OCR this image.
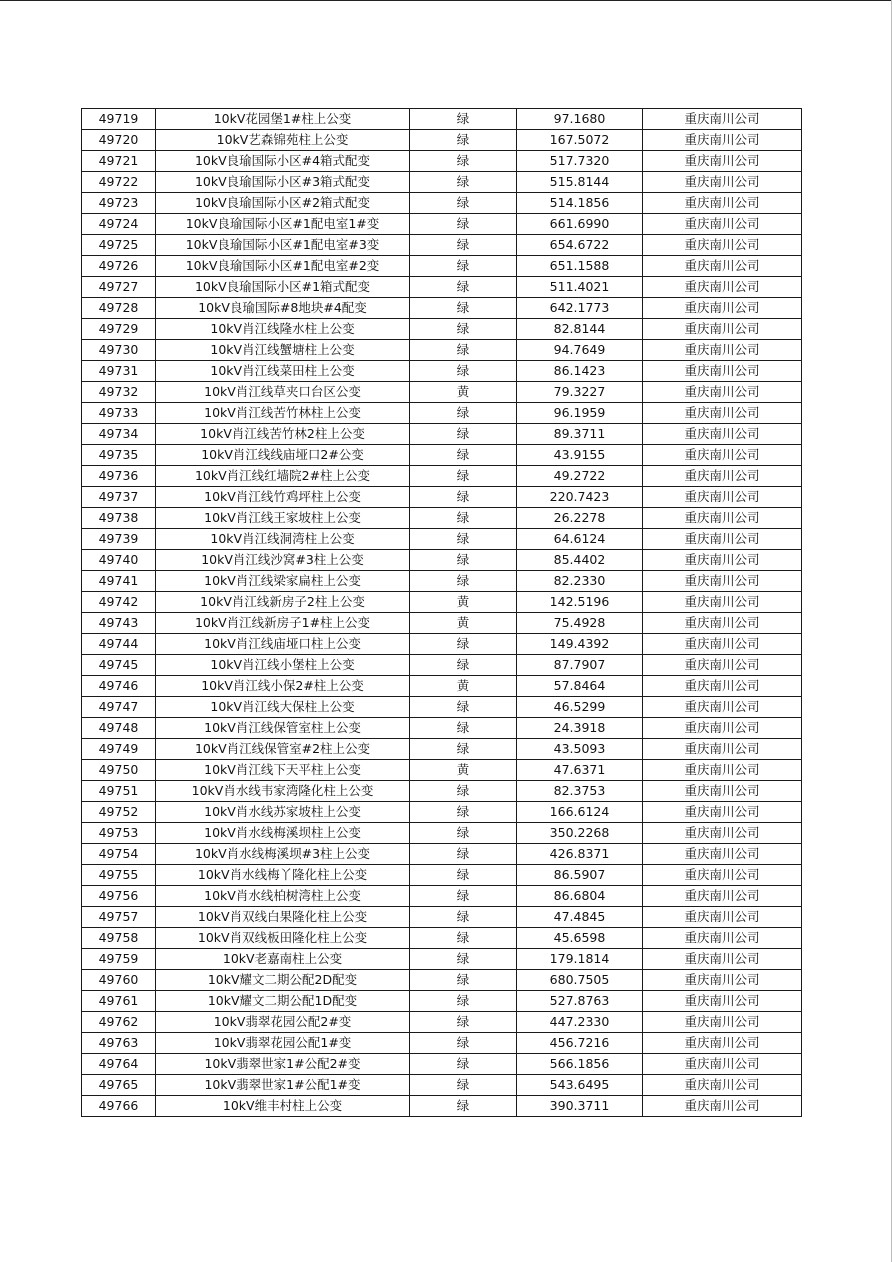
49719	10kV花园堡1#柱上公变	绿	97.1680	重庆南川公司
49720	10kV艺森锦苑柱上公变	绿	167.5072	重庆南川公司
49721	10kV良瑜国际小区#4箱式配变	绿	517.7320	重庆南川公司
49722	10kV良瑜国际小区#3箱式配变	绿	515.8144	重庆南川公司
49723	10kV良瑜国际小区#2箱式配变	绿	514.1856	重庆南川公司
49724	10kV良瑜国际小区#1配电室1#变	绿	661.6990	重庆南川公司
49725	10kV良瑜国际小区#1配电室#3变	绿	654.6722	重庆南川公司
49726	10kV良瑜国际小区#1配电室#2变	绿	651.1588	重庆南川公司
49727	10kV良瑜国际小区#1箱式配变	绿	511.4021	重庆南川公司
49728	10kV良瑜国际#8地块#4配变	绿	642.1773	重庆南川公司
49729	10kV肖江线隆水柱上公变	绿	82.8144	重庆南川公司
49730	10kV肖江线蟹塘柱上公变	绿	94.7649	重庆南川公司
49731	10kV肖江线菜田柱上公变	绿	86.1423	重庆南川公司
49732	10kV肖江线草夹口台区公变	黄	79.3227	重庆南川公司
49733	10kV肖江线苦竹林柱上公变	绿	96.1959	重庆南川公司
49734	10kV肖江线苦竹林2柱上公变	绿	89.3711	重庆南川公司
49735	10kV肖江线线庙垭口2#公变	绿	43.9155	重庆南川公司
49736	10kV肖江线红墙院2#柱上公变	绿	49.2722	重庆南川公司
49737	10kV肖江线竹鸡坪柱上公变	绿	220.7423	重庆南川公司
49738	10kV肖江线王家坡柱上公变	绿	26.2278	重庆南川公司
49739	10kV肖江线洞湾柱上公变	绿	64.6124	重庆南川公司
49740	10kV肖江线沙窝#3柱上公变	绿	85.4402	重庆南川公司
49741	10kV肖江线梁家扁柱上公变	绿	82.2330	重庆南川公司
49742	10kV肖江线新房子2柱上公变	黄	142.5196	重庆南川公司
49743	10kV肖江线新房子1#柱上公变	黄	75.4928	重庆南川公司
49744	10kV肖江线庙垭口柱上公变	绿	149.4392	重庆南川公司
49745	10kV肖江线小堡柱上公变	绿	87.7907	重庆南川公司
49746	10kV肖江线小保2#柱上公变	黄	57.8464	重庆南川公司
49747	10kV肖江线大保柱上公变	绿	46.5299	重庆南川公司
49748	10kV肖江线保管室柱上公变	绿	24.3918	重庆南川公司
49749	10kV肖江线保管室#2柱上公变	绿	43.5093	重庆南川公司
49750	10kV肖江线下天平柱上公变	黄	47.6371	重庆南川公司
49751	10kV肖水线韦家湾隆化柱上公变	绿	82.3753	重庆南川公司
49752	10kV肖水线苏家坡柱上公变	绿	166.6124	重庆南川公司
49753	10kV肖水线梅溪坝柱上公变	绿	350.2268	重庆南川公司
49754	10kV肖水线梅溪坝#3柱上公变	绿	426.8371	重庆南川公司
49755	10kV肖水线梅丫隆化柱上公变	绿	86.5907	重庆南川公司
49756	10kV肖水线柏树湾柱上公变	绿	86.6804	重庆南川公司
49757	10kV肖双线白果隆化柱上公变	绿	47.4845	重庆南川公司
49758	10kV肖双线板田隆化柱上公变	绿	45.6598	重庆南川公司
49759	10kV老嘉南柱上公变	绿	179.1814	重庆南川公司
49760	10kV耀文二期公配2D配变	绿	680.7505	重庆南川公司
49761	10kV耀文二期公配1D配变	绿	527.8763	重庆南川公司
49762	10kV翡翠花园公配2#变	绿	447.2330	重庆南川公司
49763	10kV翡翠花园公配1#变	绿	456.7216	重庆南川公司
49764	10kV翡翠世家1#公配2#变	绿	566.1856	重庆南川公司
49765	10kV翡翠世家1#公配1#变	绿	543.6495	重庆南川公司
49766	10kV维丰村柱上公变	绿	390.3711	重庆南川公司
